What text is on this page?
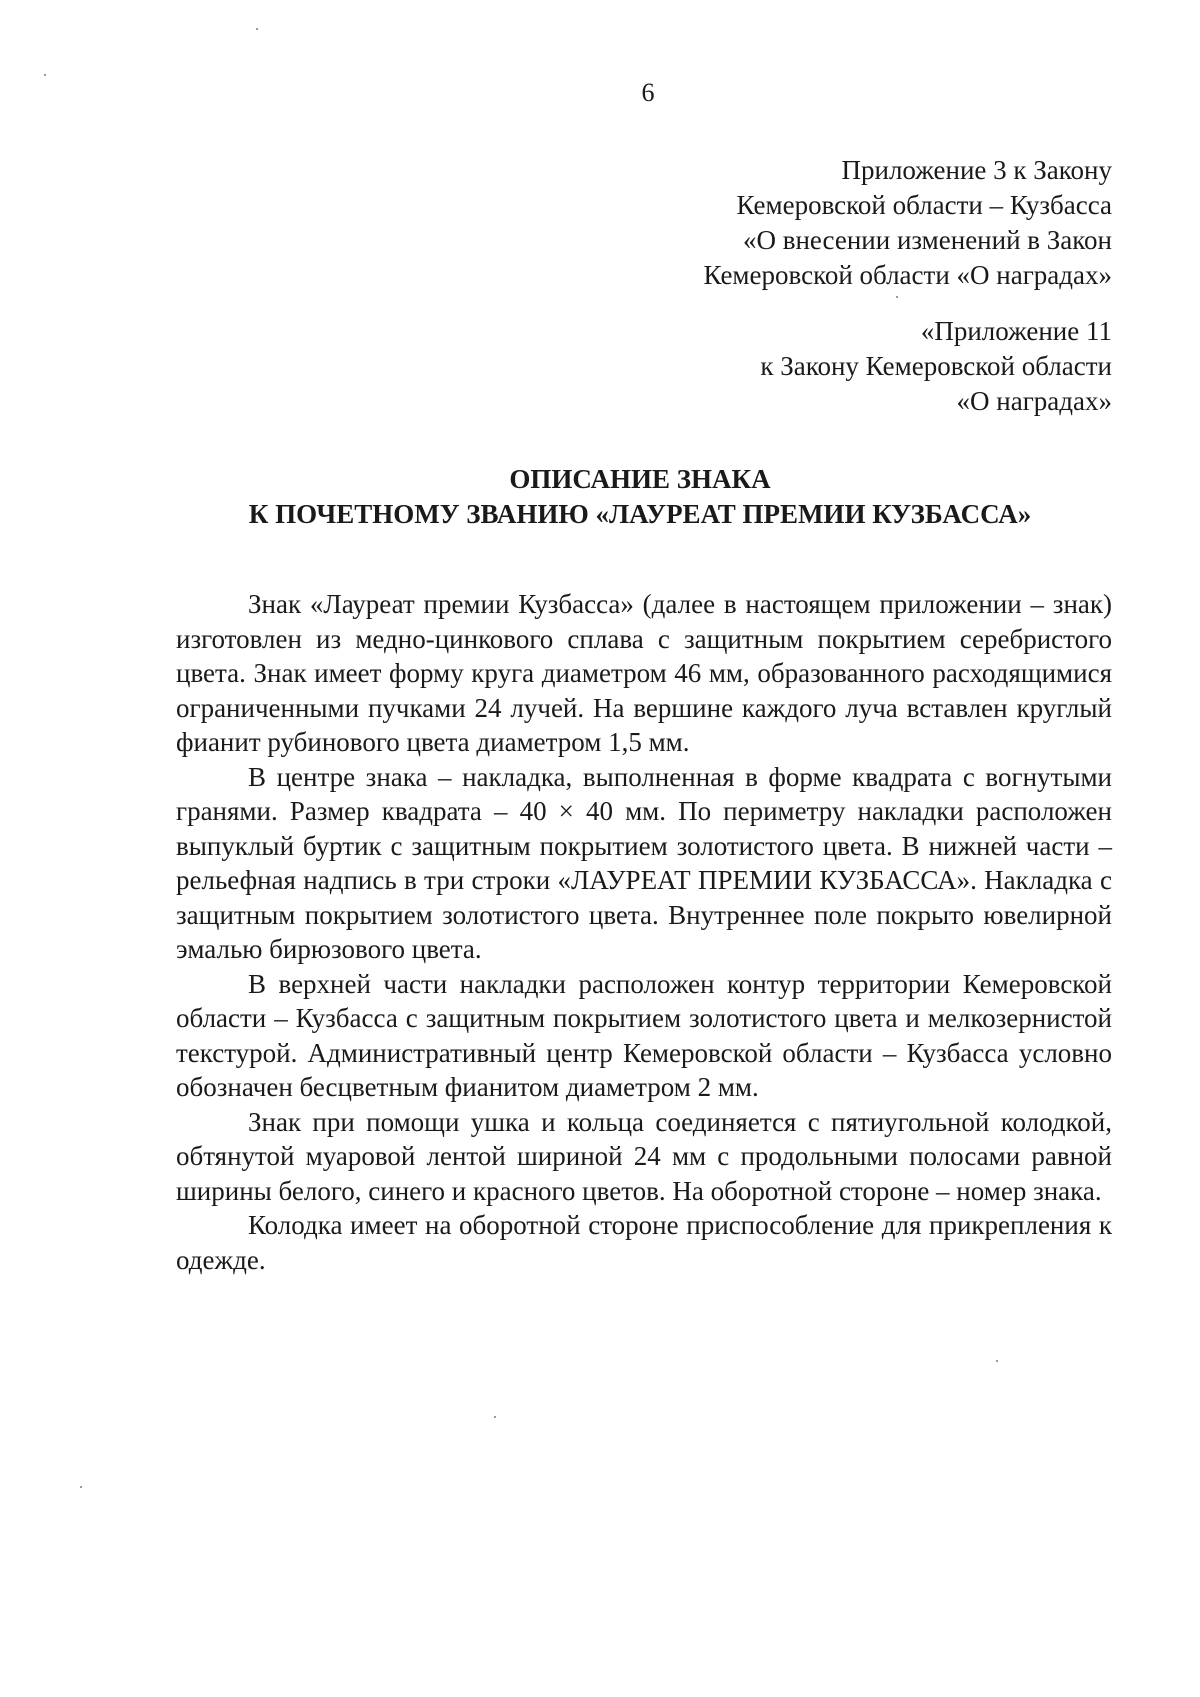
6
Приложение 3 к Закону
Кемеровской области – Кузбасса
«О внесении изменений в Закон
Кемеровской области «О наградах»
«Приложение 11
к Закону Кемеровской области
«О наградах»
ОПИСАНИЕ ЗНАКА
К ПОЧЕТНОМУ ЗВАНИЮ «ЛАУРЕАТ ПРЕМИИ КУЗБАССА»

Знак «Лауреат премии Кузбасса» (далее в настоящем приложении – знак) изготовлен из медно-цинкового сплава с защитным покрытием серебристого цвета. Знак имеет форму круга диаметром 46 мм, образованного расходящимися ограниченными пучками 24 лучей. На вершине каждого луча вставлен круглый фианит рубинового цвета диаметром 1,5 мм.

В центре знака – накладка, выполненная в форме квадрата с вогнутыми гранями. Размер квадрата – 40 × 40 мм. По периметру накладки расположен выпуклый буртик с защитным покрытием золотистого цвета. В нижней части – рельефная надпись в три строки «ЛАУРЕАТ ПРЕМИИ КУЗБАССА». Накладка с защитным покрытием золотистого цвета. Внутреннее поле покрыто ювелирной эмалью бирюзового цвета.

В верхней части накладки расположен контур территории Кемеровской области – Кузбасса с защитным покрытием золотистого цвета и мелкозернистой текстурой. Административный центр Кемеровской области – Кузбасса условно обозначен бесцветным фианитом диаметром 2 мм.

Знак при помощи ушка и кольца соединяется с пятиугольной колодкой, обтянутой муаровой лентой шириной 24 мм с продольными полосами равной ширины белого, синего и красного цветов. На оборотной стороне – номер знака.

Колодка имеет на оборотной стороне приспособление для прикрепления к одежде.
